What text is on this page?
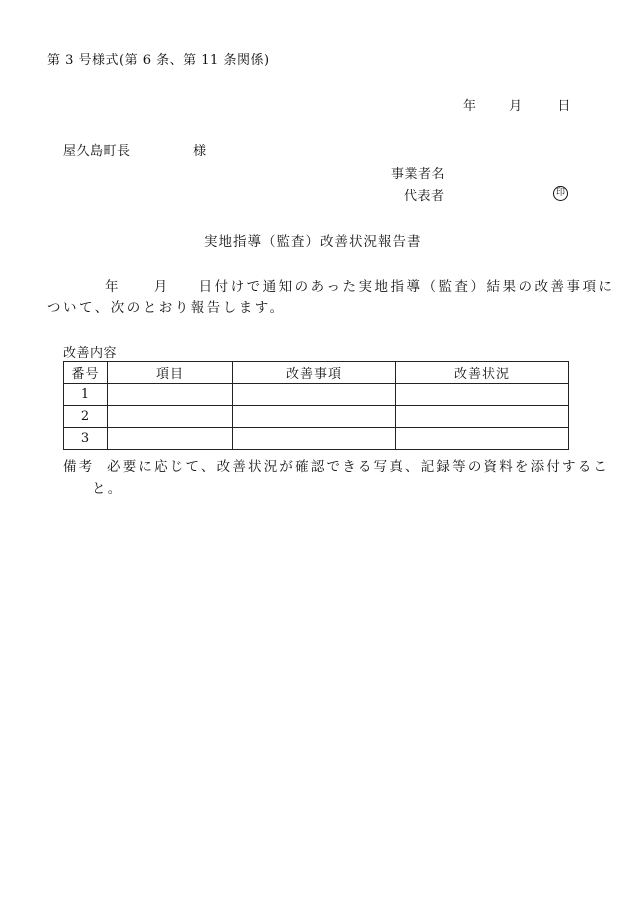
第 3 号様式(第 6 条、第 11 条関係)
年	月	日
屋久島町長	様
事業者名
代表者	印
実地指導（監査）改善状況報告書
年 月 日付けで通知のあった実地指導（監査）結果の改善事項に
ついて、次のとおり報告します。
改善内容
番号	項目	改善事項	改善状況
1			
2			
3			
備考 必要に応じて、改善状況が確認できる写真、記録等の資料を添付するこ
と。
